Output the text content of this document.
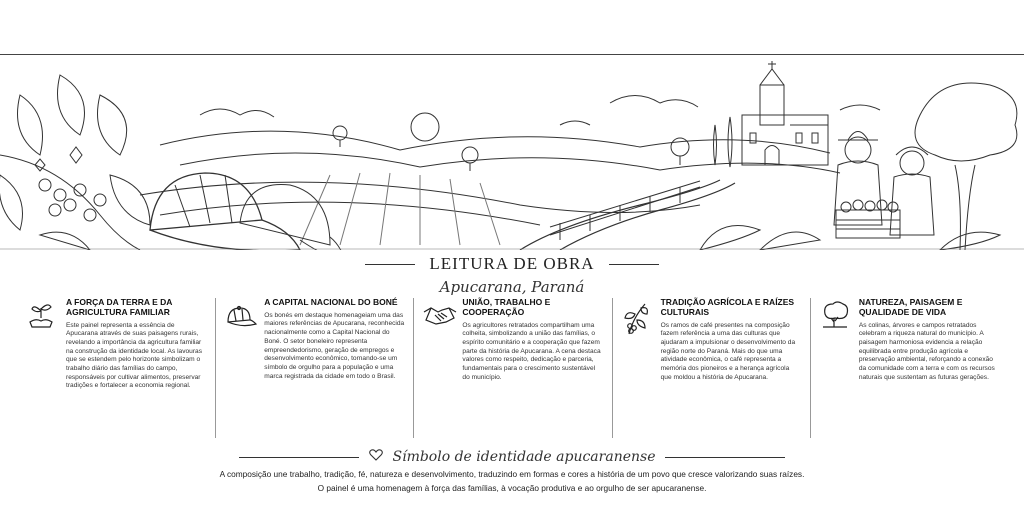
LEITURA DE OBRA
Apucarana, Paraná
A FORÇA DA TERRA E DA AGRICULTURA FAMILIAR

Este painel representa a essência de Apucarana através de suas paisagens rurais, revelando a importância da agricultura familiar na construção da identidade local. As lavouras que se estendem pelo horizonte simbolizam o trabalho diário das famílias do campo, responsáveis por cultivar alimentos, preservar tradições e fortalecer a economia regional.

A CAPITAL NACIONAL DO BONÉ

Os bonés em destaque homenageiam uma das maiores referências de Apucarana, reconhecida nacionalmente como a Capital Nacional do Boné. O setor boneleiro representa empreendedorismo, geração de empregos e desenvolvimento econômico, tornando-se um símbolo de orgulho para a população e uma marca registrada da cidade em todo o Brasil.

UNIÃO, TRABALHO E COOPERAÇÃO

Os agricultores retratados compartilham uma colheita, simbolizando a união das famílias, o espírito comunitário e a cooperação que fazem parte da história de Apucarana. A cena destaca valores como respeito, dedicação e parceria, fundamentais para o crescimento sustentável do município.

TRADIÇÃO AGRÍCOLA E RAÍZES CULTURAIS

Os ramos de café presentes na composição fazem referência a uma das culturas que ajudaram a impulsionar o desenvolvimento da região norte do Paraná. Mais do que uma atividade econômica, o café representa a memória dos pioneiros e a herança agrícola que moldou a história de Apucarana.

NATUREZA, PAISAGEM E QUALIDADE DE VIDA

As colinas, árvores e campos retratados celebram a riqueza natural do município. A paisagem harmoniosa evidencia a relação equilibrada entre produção agrícola e preservação ambiental, reforçando a conexão da comunidade com a terra e com os recursos naturais que sustentam as futuras gerações.

Símbolo de identidade apucaranense

A composição une trabalho, tradição, fé, natureza e desenvolvimento, traduzindo em formas e cores a história de um povo que cresce valorizando suas raízes.

O painel é uma homenagem à força das famílias, à vocação produtiva e ao orgulho de ser apucaranense.
